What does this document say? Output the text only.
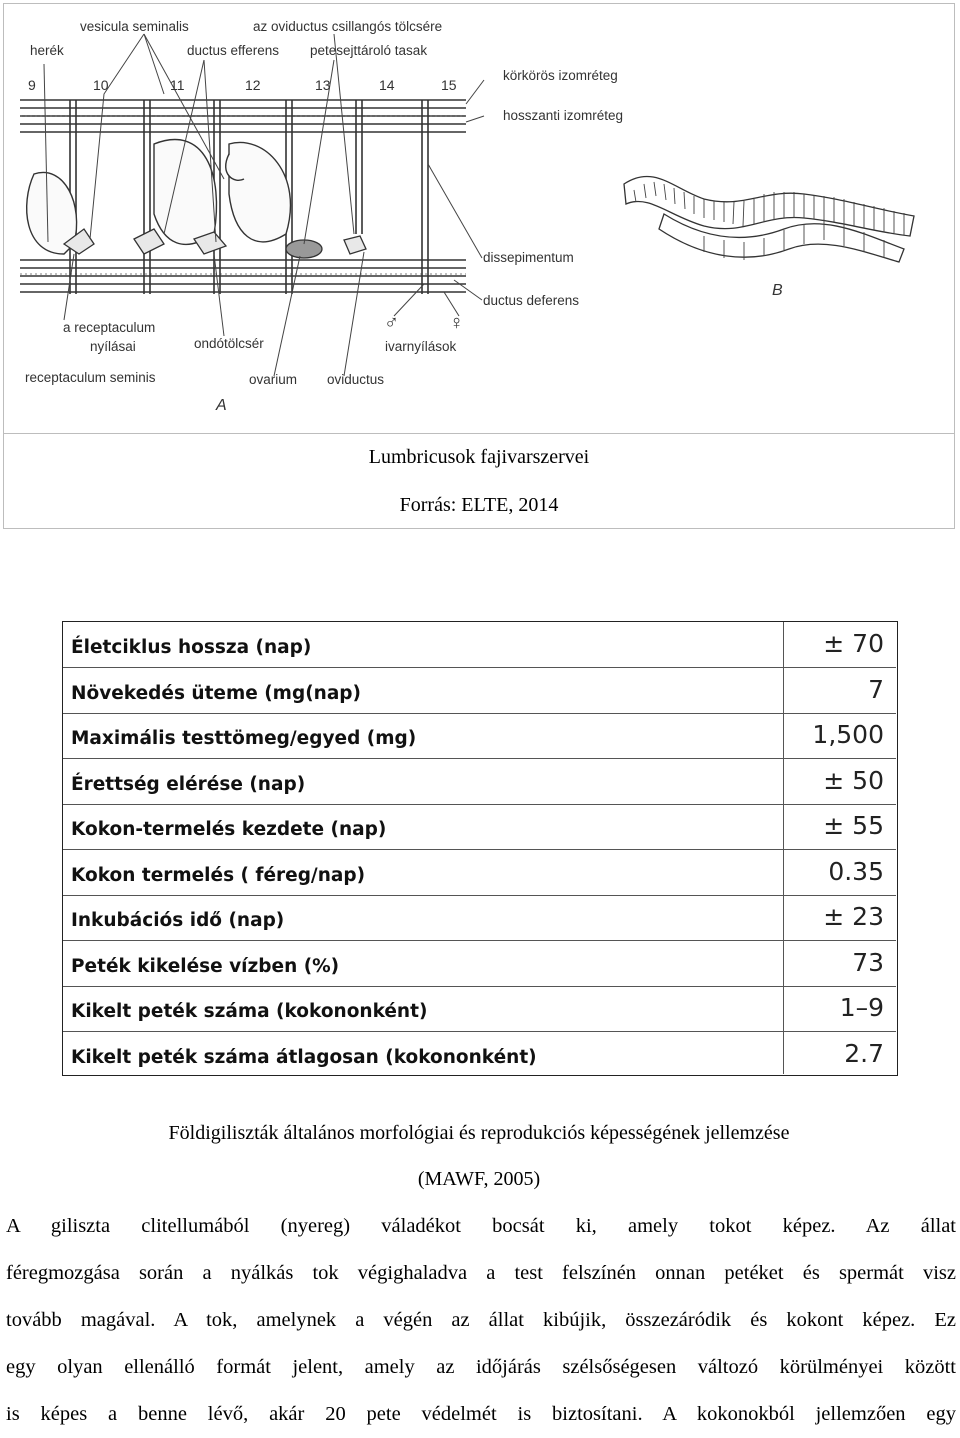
herék
vesicula seminalis
ductus efferens
az oviductus csillangós tölcsére
petesejttároló tasak
körkörös izomréteg
hosszanti izomréteg
dissepimentum
ductus deferens
a receptaculum
nyílásai	ondótölcsér
♂	♀
ivarnyílások
receptaculum seminis	ovarium oviductus
A
B
9	10	11	12	13	14	15
Lumbricusok fajivarszervei
Forrás: ELTE, 2014
Életciklus hossza (nap)	± 70
Növekedés üteme (mg(nap)	7
Maximális testtömeg/egyed (mg)	1,500
Érettség elérése (nap)	± 50
Kokon-termelés kezdete (nap)	± 55
Kokon termelés ( féreg/nap)	0.35
Inkubációs idő (nap)	± 23
Peték kikelése vízben (%)	73
Kikelt peték száma (kokononként)	1–9
Kikelt peték száma átlagosan (kokononként)	2.7
Földigiliszták általános morfológiai és reprodukciós képességének jellemzése
(MAWF, 2005)
A giliszta clitellumából (nyereg) váladékot bocsát ki, amely tokot képez. Az állat
féregmozgása során a nyálkás tok végighaladva a test felszínén onnan petéket és spermát visz
tovább magával. A tok, amelynek a végén az állat kibújik, összezáródik és kokont képez. Ez
egy olyan ellenálló formát jelent, amely az időjárás szélsőségesen változó körülményei között
is képes a benne lévő, akár 20 pete védelmét is biztosítani. A kokonokból jellemzően egy
